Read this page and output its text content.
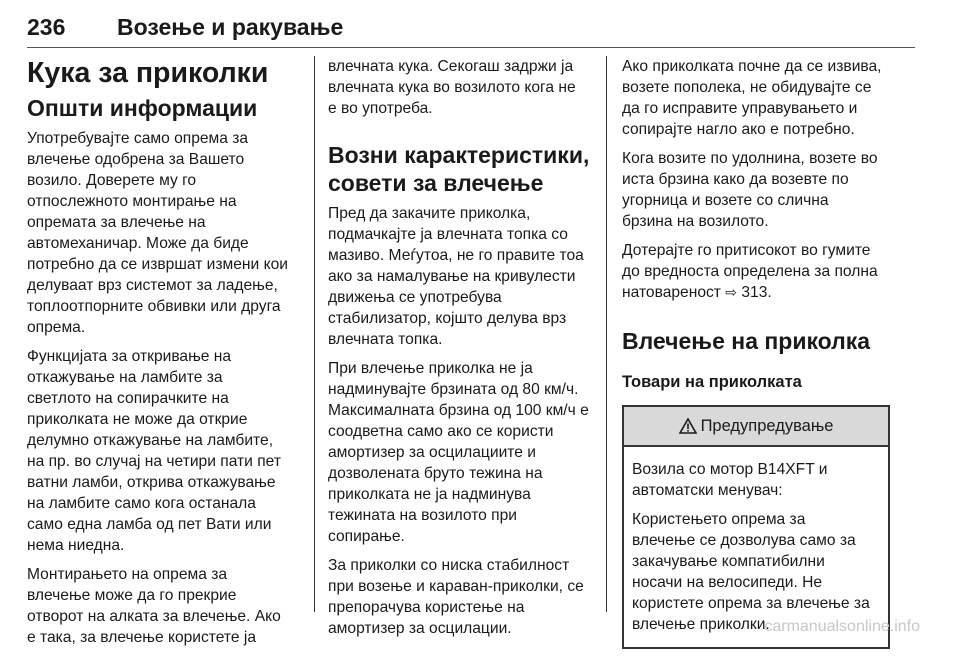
236 Возење и ракување
Кука за приколки
Општи информации

Употребувајте само опрема за
влечење одобрена за Вашето
возило. Доверете му го
отпослежното монтирање на
опремата за влечење на
автомеханичар. Може да биде
потребно да се извршат измени кои
делуваат врз системот за ладење,
топлоотпорните обвивки или друга
опрема.

Функцијата за откривање на
откажување на ламбите за
светлото на сопирачките на
приколката не може да открие
делумно откажување на ламбите,
на пр. во случај на четири пати пет
ватни ламби, открива откажување
на ламбите само кога останала
само една ламба од пет Вати или
нема ниедна.

Монтирањето на опрема за
влечење може да го прекрие
отворот на алката за влечење. Ако
е така, за влечење користете ја

влечната кука. Секогаш задржи ја
влечната кука во возилото кога не
е во употреба.

Возни карактеристики,
совети за влечење

Пред да закачите приколка,
подмачкајте ја влечната топка со
мазиво. Меѓутоа, не го правите тоа
ако за намалување на кривулести
движења се употребува
стабилизатор, којшто делува врз
влечната топка.

При влечење приколка не ја
надминувајте брзината од 80 км/ч.
Максималната брзина од 100 км/ч е
соодветна само ако се користи
амортизер за осцилациите и
дозволената бруто тежина на
приколката не ја надминува
тежината на возилото при
сопирање.

За приколки со ниска стабилност
при возење и караван-приколки, се
препорачува користење на
амортизер за осцилации.

Ако приколката почне да се извива,
возете пополека, не обидувајте се
да го исправите управувањето и
сопирајте нагло ако е потребно.

Кога возите по удолнина, возете во
иста брзина како да возевте по
угорница и возете со слична
брзина на возилото.

Дотерајте го притисокот во гумите
до вредноста определена за полна
натовареност ⇨ 313.

Влечење на приколка
Товари на приколката
Предупредување

Возила со мотор B14XFT и
автоматски менувач:

Користењето опрема за
влечење се дозволува само за
закачување компатибилни
носачи на велосипеди. Не
користете опрема за влечење за
влечење приколки.

carmanualsonline.info
